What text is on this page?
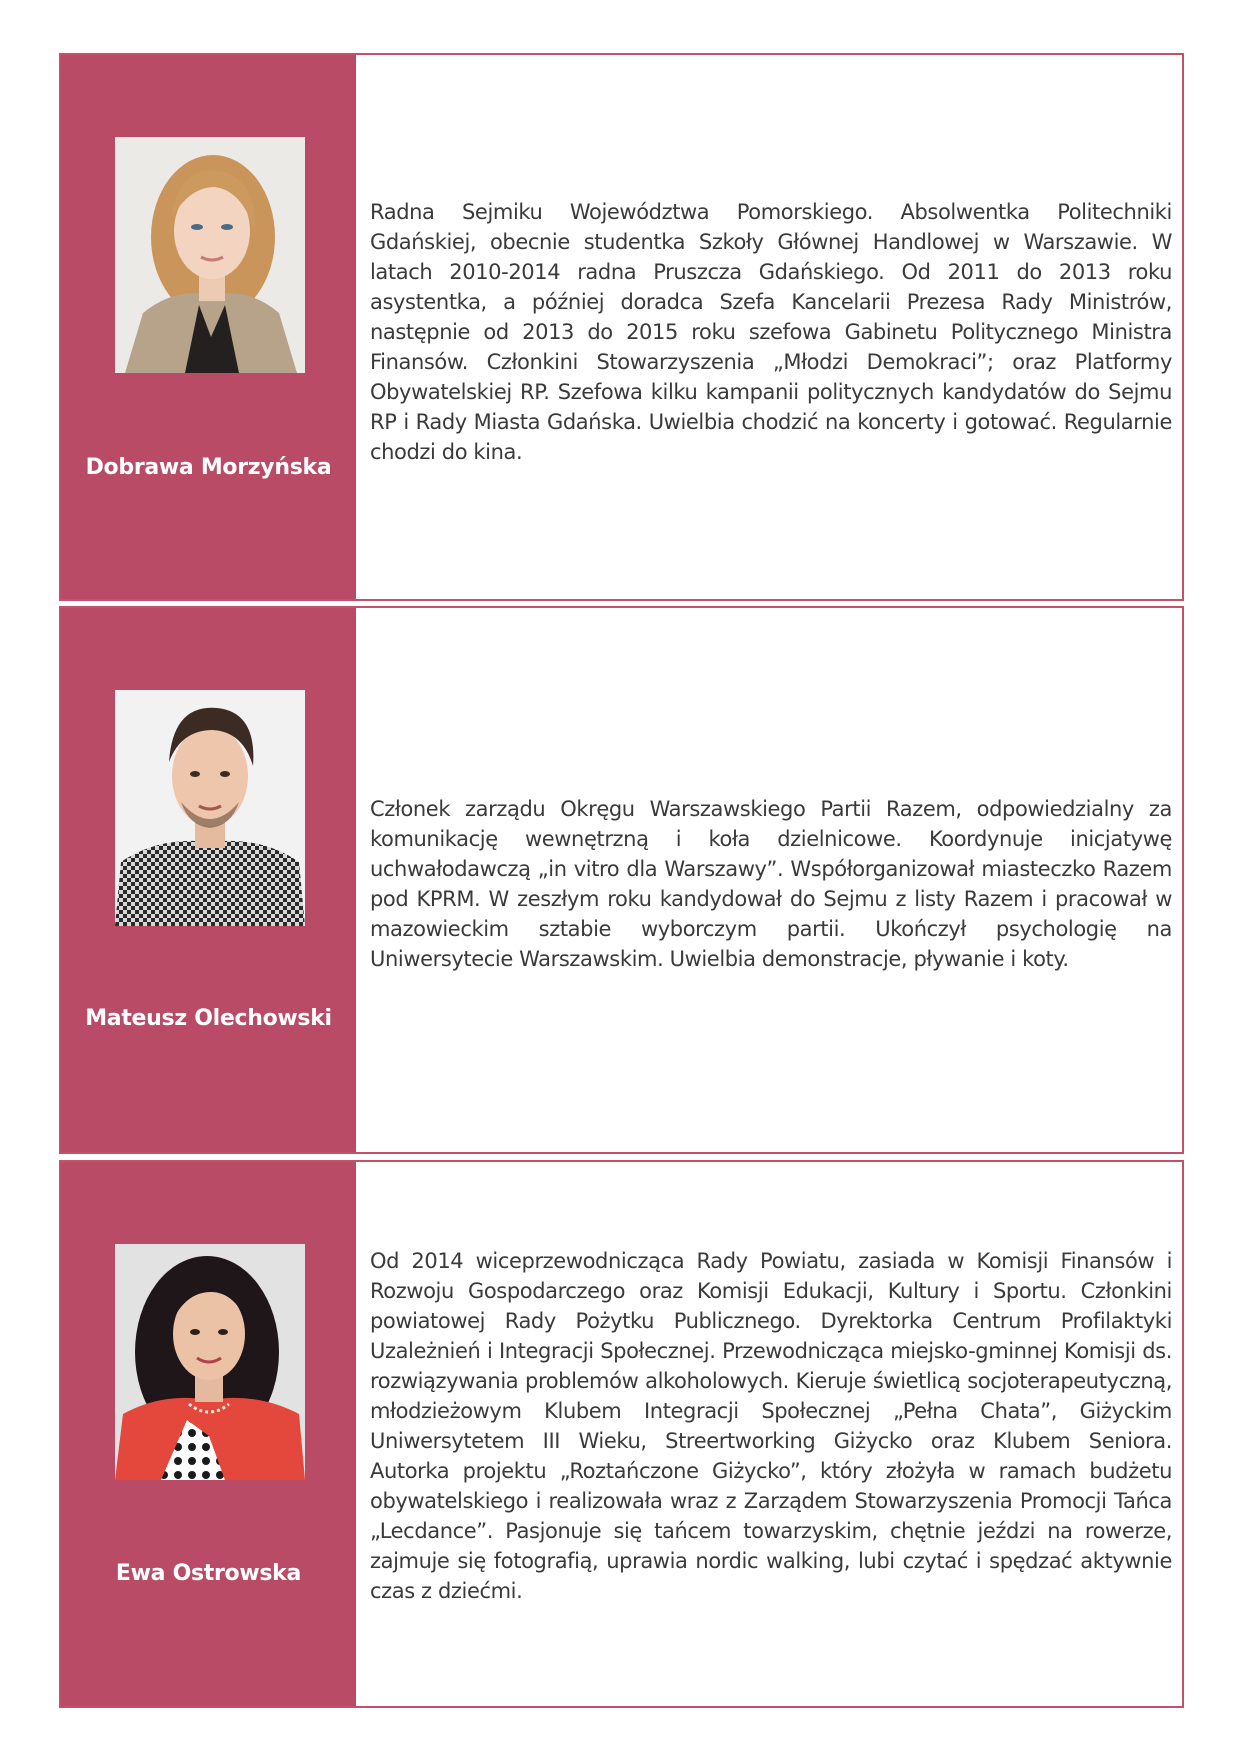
Dobrawa Morzyńska

Radna Sejmiku Województwa Pomorskiego. Absolwentka Politechniki Gdańskiej, obecnie studentka Szkoły Głównej Handlowej w Warszawie. W latach 2010-2014 radna Pruszcza Gdańskiego. Od 2011 do 2013 roku asystentka, a później doradca Szefa Kancelarii Prezesa Rady Ministrów, następnie od 2013 do 2015 roku szefowa Gabinetu Politycznego Ministra Finansów. Członkini Stowarzyszenia „Młodzi Demokraci”; oraz Platformy Obywatelskiej RP. Szefowa kilku kampanii politycznych kandydatów do Sejmu RP i Rady Miasta Gdańska. Uwielbia chodzić na koncerty i gotować. Regularnie chodzi do kina.

Mateusz Olechowski

Członek zarządu Okręgu Warszawskiego Partii Razem, odpowiedzialny za komunikację wewnętrzną i koła dzielnicowe. Koordynuje inicjatywę uchwałodawczą „in vitro dla Warszawy”. Współorganizował miasteczko Razem pod KPRM. W zeszłym roku kandydował do Sejmu z listy Razem i pracował w mazowieckim sztabie wyborczym partii. Ukończył psychologię na Uniwersytecie Warszawskim. Uwielbia demonstracje, pływanie i koty.

Ewa Ostrowska

Od 2014 wiceprzewodnicząca Rady Powiatu, zasiada w Komisji Finansów i Rozwoju Gospodarczego oraz Komisji Edukacji, Kultury i Sportu. Członkini powiatowej Rady Pożytku Publicznego. Dyrektorka Centrum Profilaktyki Uzależnień i Integracji Społecznej. Przewodnicząca miejsko-gminnej Komisji ds. rozwiązywania problemów alkoholowych. Kieruje świetlicą socjoterapeutyczną, młodzieżowym Klubem Integracji Społecznej „Pełna Chata”, Giżyckim Uniwersytetem III Wieku, Streertworking Giżycko oraz Klubem Seniora. Autorka projektu „Roztańczone Giżycko”, który złożyła w ramach budżetu obywatelskiego i realizowała wraz z Zarządem Stowarzyszenia Promocji Tańca „Lecdance”. Pasjonuje się tańcem towarzyskim, chętnie jeździ na rowerze, zajmuje się fotografią, uprawia nordic walking, lubi czytać i spędzać aktywnie czas z dziećmi.
